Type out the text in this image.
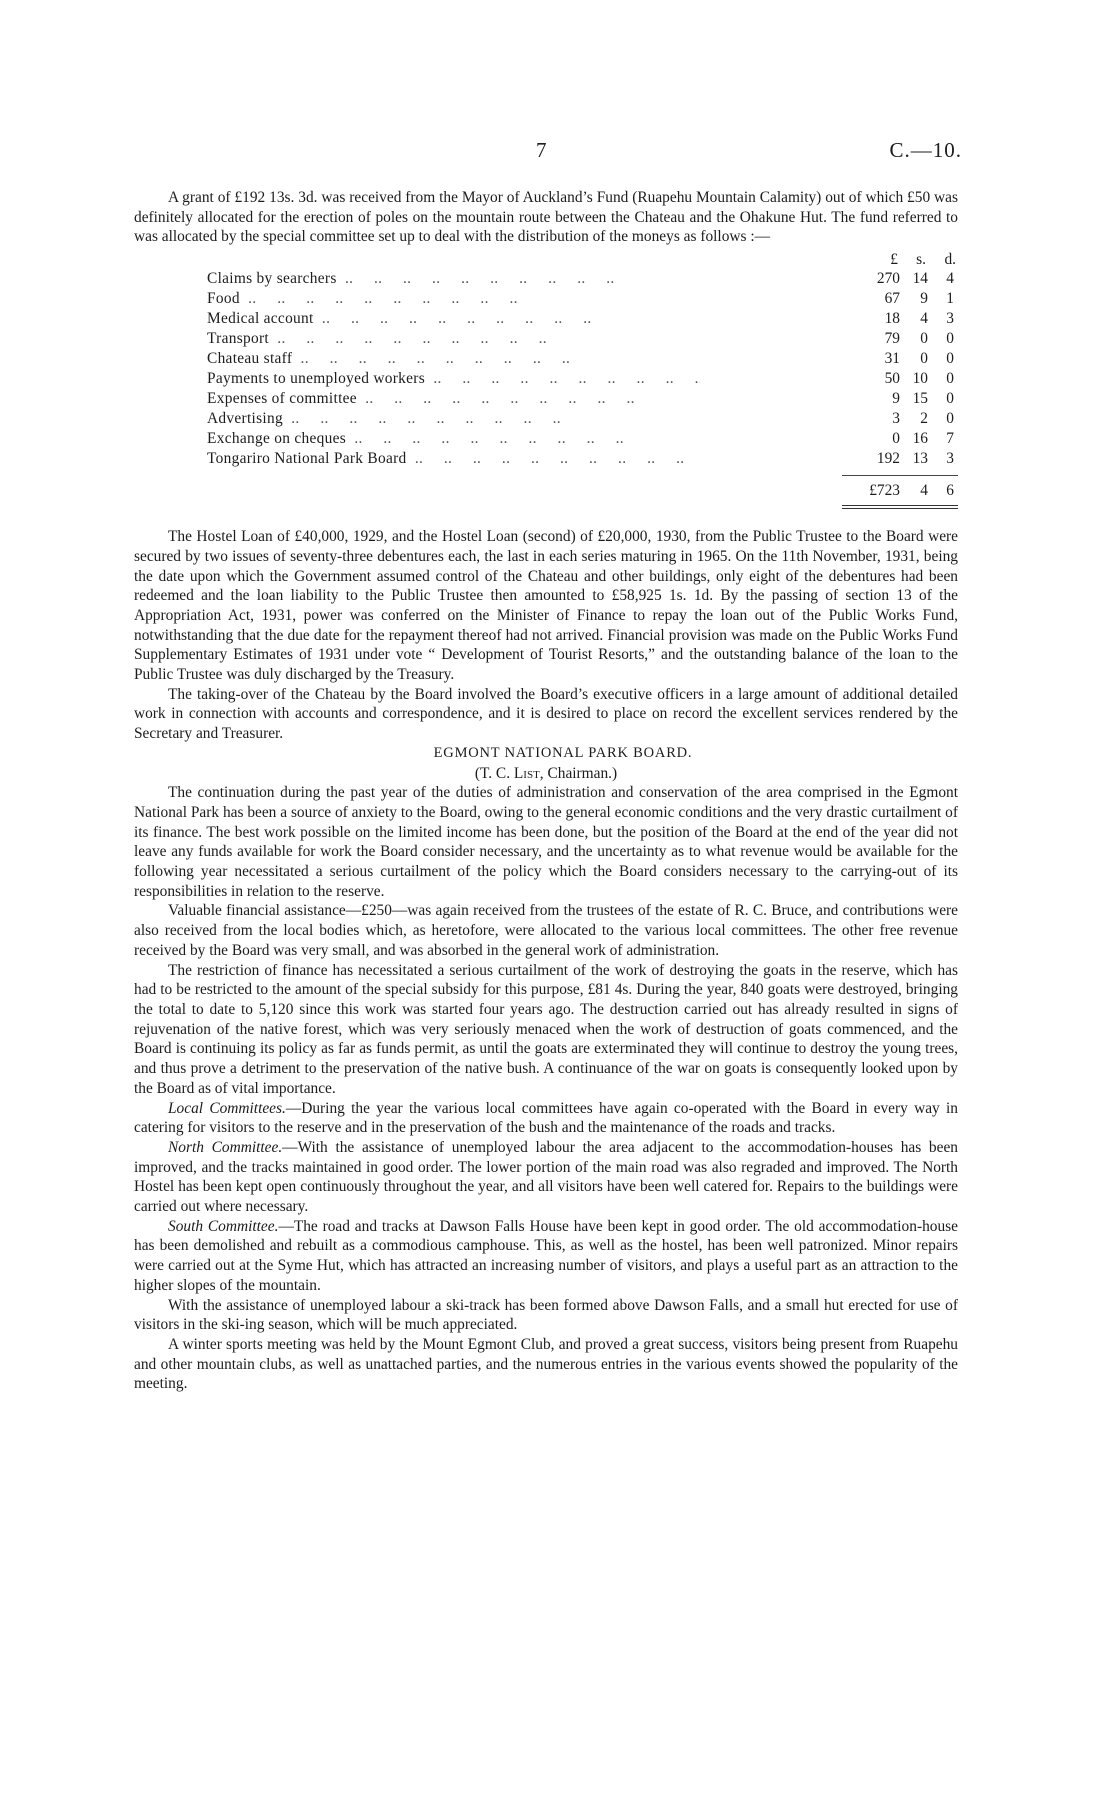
7	C.—10.

A grant of £192 13s. 3d. was received from the Mayor of Auckland’s Fund (Ruapehu Mountain Calamity) out of which £50 was definitely allocated for the erection of poles on the mountain route between the Chateau and the Ohakune Hut. The fund referred to was allocated by the special committee set up to deal with the distribution of the moneys as follows :—

£	s.	d.
Claims by searchers ..	270 14	4
Food ..	67	9	1
Medical account ..	18	4	3
Transport ..	79	0	0
Chateau staff ..	31	0	0
Payments to unemployed workers ..	50 10	0
Expenses of committee ..	9 15	0
Advertising ..	3	2	0
Exchange on cheques ..	0 16	7
Tongariro National Park Board ..	192 13	3
£723	4	6

The Hostel Loan of £40,000, 1929, and the Hostel Loan (second) of £20,000, 1930, from the Public Trustee to the Board were secured by two issues of seventy-three debentures each, the last in each series maturing in 1965. On the 11th November, 1931, being the date upon which the Government assumed control of the Chateau and other buildings, only eight of the debentures had been redeemed and the loan liability to the Public Trustee then amounted to £58,925 1s. 1d. By the passing of section 13 of the Appropriation Act, 1931, power was conferred on the Minister of Finance to repay the loan out of the Public Works Fund, notwithstanding that the due date for the repayment thereof had not arrived. Financial provision was made on the Public Works Fund Supplementary Estimates of 1931 under vote “ Development of Tourist Resorts,” and the outstanding balance of the loan to the Public Trustee was duly discharged by the Treasury.

The taking-over of the Chateau by the Board involved the Board’s executive officers in a large amount of additional detailed work in connection with accounts and correspondence, and it is desired to place on record the excellent services rendered by the Secretary and Treasurer.

EGMONT NATIONAL PARK BOARD.

(T. C. List, Chairman.)

The continuation during the past year of the duties of administration and conservation of the area comprised in the Egmont National Park has been a source of anxiety to the Board, owing to the general economic conditions and the very drastic curtailment of its finance. The best work possible on the limited income has been done, but the position of the Board at the end of the year did not leave any funds available for work the Board consider necessary, and the uncertainty as to what revenue would be available for the following year necessitated a serious curtailment of the policy which the Board considers necessary to the carrying-out of its responsibilities in relation to the reserve.

Valuable financial assistance—£250—was again received from the trustees of the estate of R. C. Bruce, and contributions were also received from the local bodies which, as heretofore, were allocated to the various local committees. The other free revenue received by the Board was very small, and was absorbed in the general work of administration.

The restriction of finance has necessitated a serious curtailment of the work of destroying the goats in the reserve, which has had to be restricted to the amount of the special subsidy for this purpose, £81 4s. During the year, 840 goats were destroyed, bringing the total to date to 5,120 since this work was started four years ago. The destruction carried out has already resulted in signs of rejuvenation of the native forest, which was very seriously menaced when the work of destruction of goats commenced, and the Board is continuing its policy as far as funds permit, as until the goats are exterminated they will continue to destroy the young trees, and thus prove a detriment to the preservation of the native bush. A continuance of the war on goats is consequently looked upon by the Board as of vital importance.

Local Committees.—During the year the various local committees have again co-operated with the Board in every way in catering for visitors to the reserve and in the preservation of the bush and the maintenance of the roads and tracks.

North Committee.—With the assistance of unemployed labour the area adjacent to the accommodation-houses has been improved, and the tracks maintained in good order. The lower portion of the main road was also regraded and improved. The North Hostel has been kept open continuously throughout the year, and all visitors have been well catered for. Repairs to the buildings were carried out where necessary.

South Committee.—The road and tracks at Dawson Falls House have been kept in good order. The old accommodation-house has been demolished and rebuilt as a commodious camphouse. This, as well as the hostel, has been well patronized. Minor repairs were carried out at the Syme Hut, which has attracted an increasing number of visitors, and plays a useful part as an attraction to the higher slopes of the mountain.

With the assistance of unemployed labour a ski-track has been formed above Dawson Falls, and a small hut erected for use of visitors in the ski-ing season, which will be much appreciated.

A winter sports meeting was held by the Mount Egmont Club, and proved a great success, visitors being present from Ruapehu and other mountain clubs, as well as unattached parties, and the numerous entries in the various events showed the popularity of the meeting.
